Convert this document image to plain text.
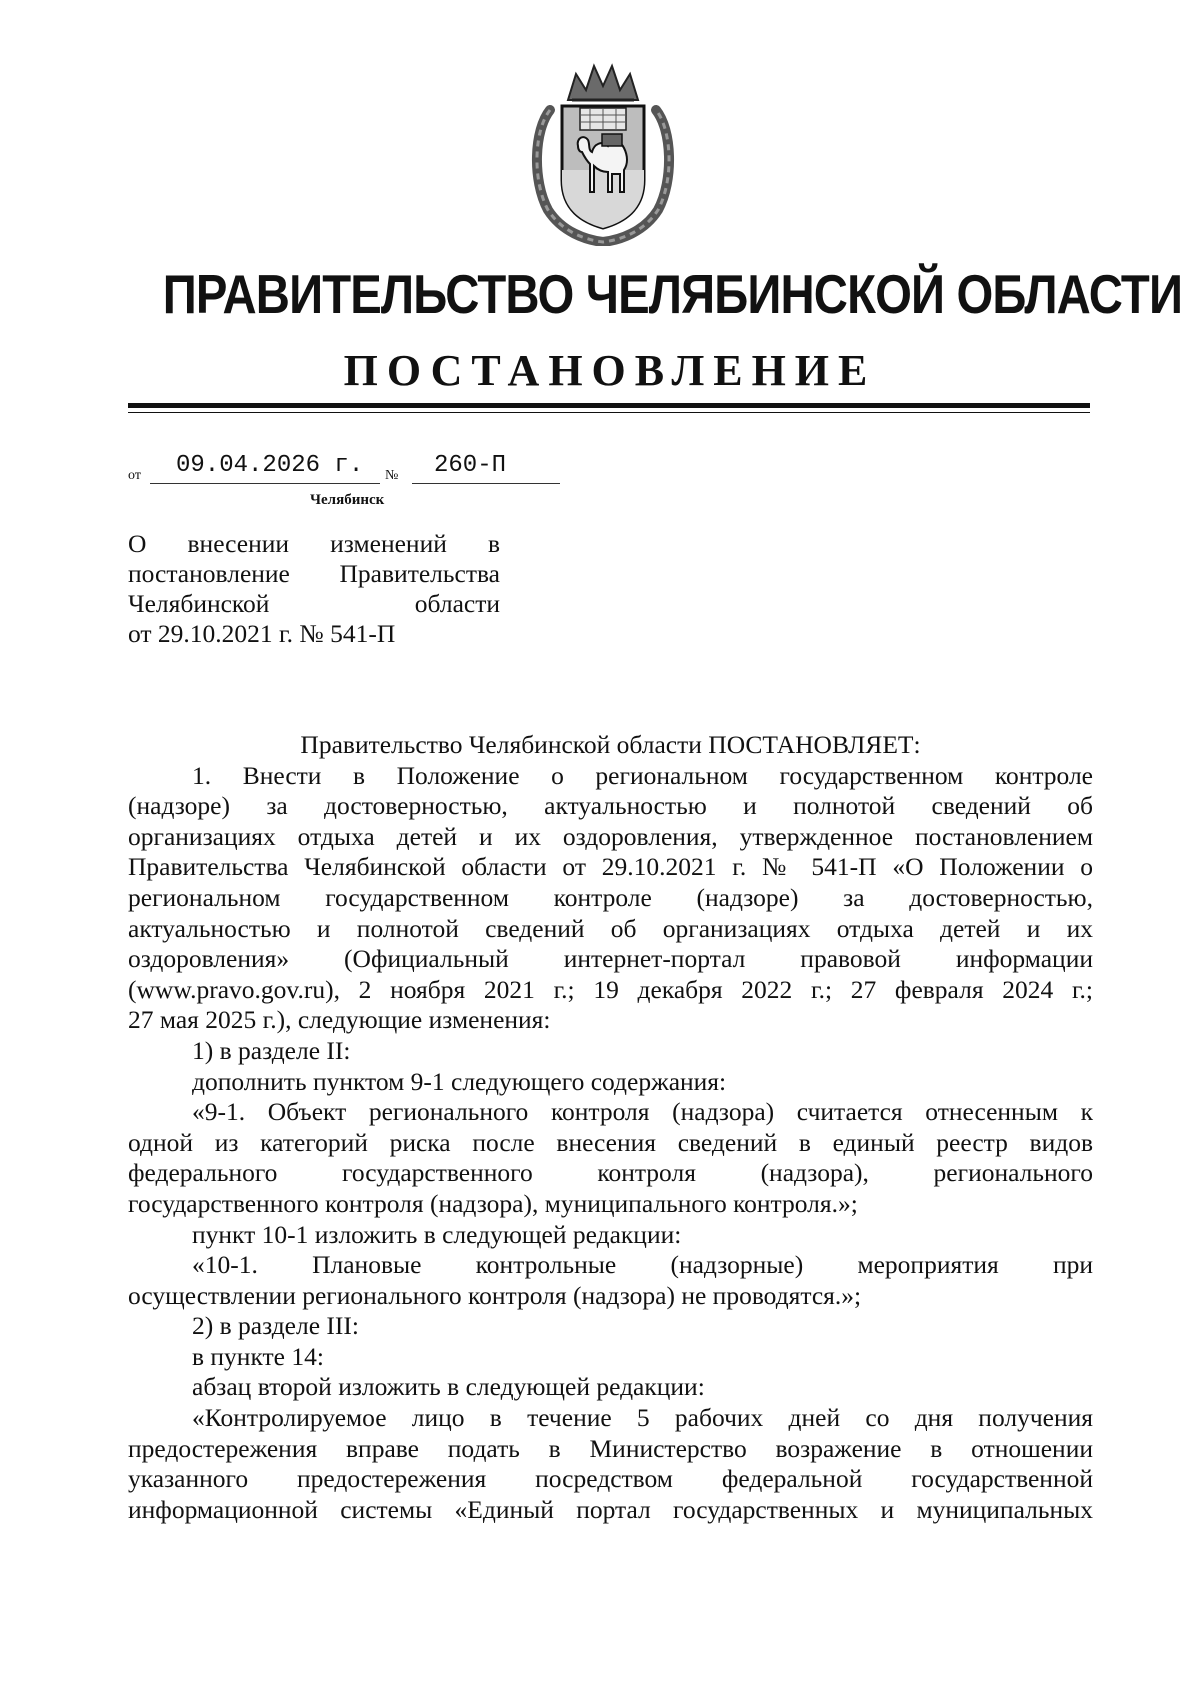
ПРАВИТЕЛЬСТВО ЧЕЛЯБИНСКОЙ ОБЛАСТИ
ПОСТАНОВЛЕНИЕ
от	09.04.2026 г.	№	260-П
Челябинск
О внесении изменений в
постановление Правительства
Челябинской области
от 29.10.2021 г. № 541-П
Правительство Челябинской области ПОСТАНОВЛЯЕТ:
1. Внести в Положение о региональном государственном контроле
(надзоре) за достоверностью, актуальностью и полнотой сведений об
организациях отдыха детей и их оздоровления, утвержденное постановлением
Правительства Челябинской области от 29.10.2021 г. № 541-П «О Положении о
региональном государственном контроле (надзоре) за достоверностью,
актуальностью и полнотой сведений об организациях отдыха детей и их
оздоровления» (Официальный интернет-портал правовой информации
(www.pravo.gov.ru), 2 ноября 2021 г.; 19 декабря 2022 г.; 27 февраля 2024 г.;
27 мая 2025 г.), следующие изменения:
1) в разделе II:
дополнить пунктом 9-1 следующего содержания:
«9-1. Объект регионального контроля (надзора) считается отнесенным к
одной из категорий риска после внесения сведений в единый реестр видов
федерального государственного контроля (надзора), регионального
государственного контроля (надзора), муниципального контроля.»;
пункт 10-1 изложить в следующей редакции:
«10-1. Плановые контрольные (надзорные) мероприятия при
осуществлении регионального контроля (надзора) не проводятся.»;
2) в разделе III:
в пункте 14:
абзац второй изложить в следующей редакции:
«Контролируемое лицо в течение 5 рабочих дней со дня получения
предостережения вправе подать в Министерство возражение в отношении
указанного предостережения посредством федеральной государственной
информационной системы «Единый портал государственных и муниципальных
